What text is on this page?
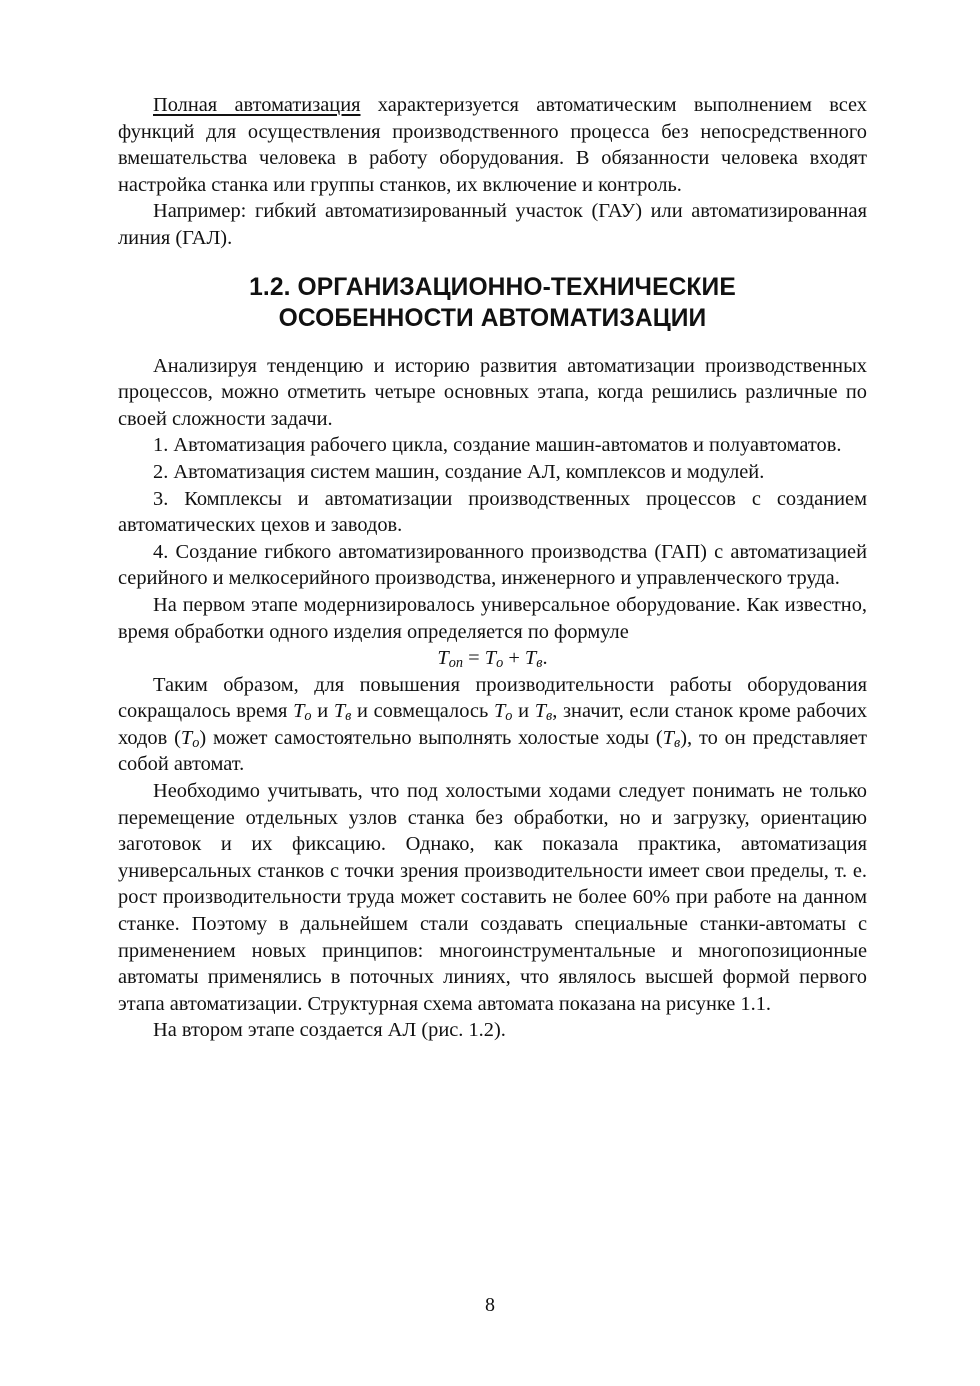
Полная автоматизация характеризуется автоматическим выполнением всех функций для осуществления производственного процесса без непосредственного вмешательства человека в работу оборудования. В обязанности человека входят настройка станка или группы станков, их включение и контроль.

Например: гибкий автоматизированный участок (ГАУ) или автоматизированная линия (ГАЛ).

1.2. ОРГАНИЗАЦИОННО-ТЕХНИЧЕСКИЕ
ОСОБЕННОСТИ АВТОМАТИЗАЦИИ

Анализируя тенденцию и историю развития автоматизации производственных процессов, можно отметить четыре основных этапа, когда решились различные по своей сложности задачи.

1. Автоматизация рабочего цикла, создание машин-автоматов и полуавтоматов.

2. Автоматизация систем машин, создание АЛ, комплексов и модулей.

3. Комплексы и автоматизации производственных процессов с созданием автоматических цехов и заводов.

4. Создание гибкого автоматизированного производства (ГАП) с автоматизацией серийного и мелкосерийного производства, инженерного и управленческого труда.

На первом этапе модернизировалось универсальное оборудование. Как известно, время обработки одного изделия определяется по формуле

$T_{оп} = T_о + T_в$.

Таким образом, для повышения производительности работы оборудования сокращалось время $T_о$ и $T_в$ и совмещалось $T_о$ и $T_в$, значит, если станок кроме рабочих ходов $(T_о)$ может самостоятельно выполнять холостые ходы $(T_в)$, то он представляет собой автомат.

Необходимо учитывать, что под холостыми ходами следует понимать не только перемещение отдельных узлов станка без обработки, но и загрузку, ориентацию заготовок и их фиксацию. Однако, как показала практика, автоматизация универсальных станков с точки зрения производительности имеет свои пределы, т. е. рост производительности труда может составить не более 60% при работе на данном станке. Поэтому в дальнейшем стали создавать специальные станки-автоматы с применением новых принципов: многоинструментальные и многопозиционные автоматы применялись в поточных линиях, что являлось высшей формой первого этапа автоматизации. Структурная схема автомата показана на рисунке 1.1.

На втором этапе создается АЛ (рис. 1.2).

8
